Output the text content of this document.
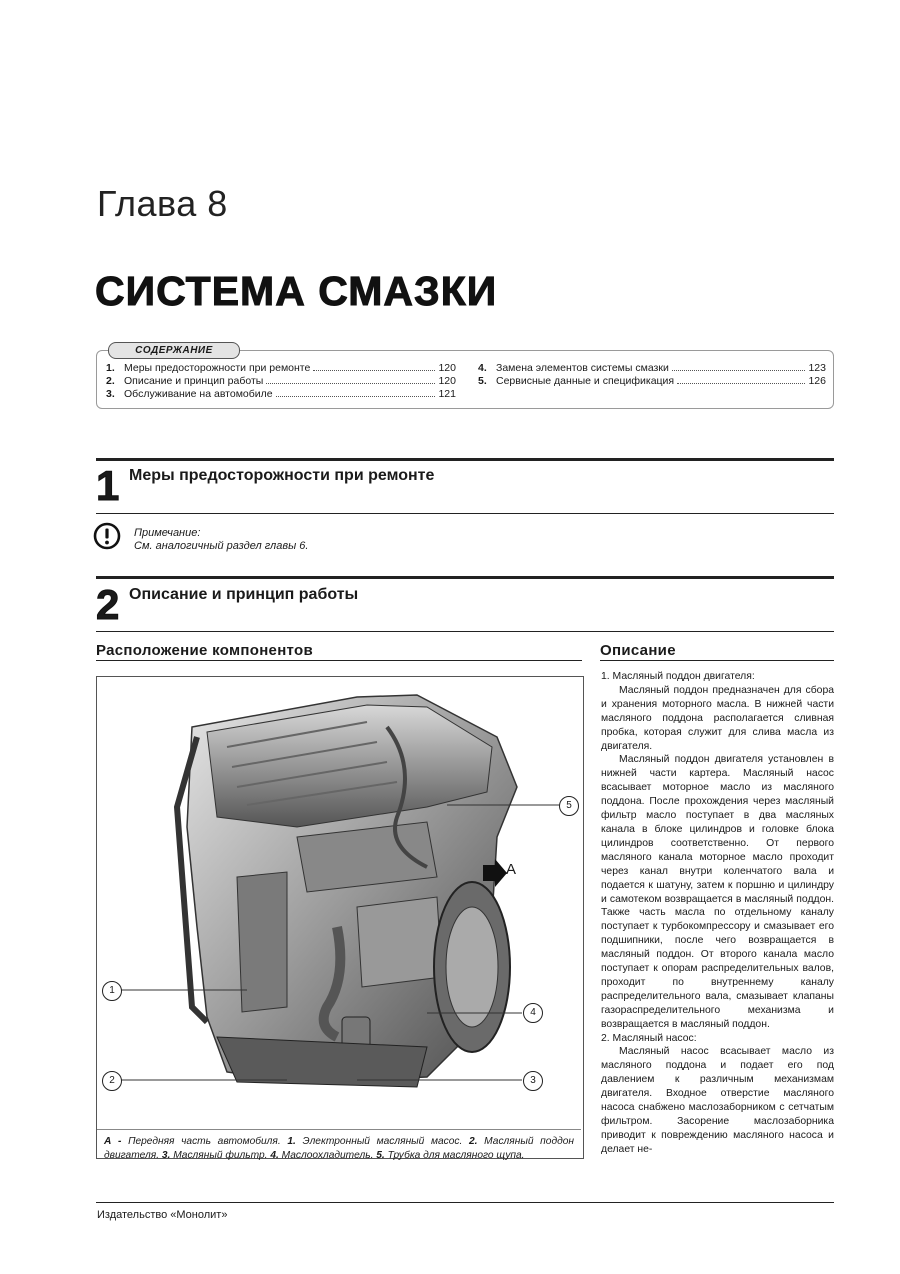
Глава 8
СИСТЕМА СМАЗКИ
СОДЕРЖАНИЕ
1. Меры предосторожности при ремонте	120
2. Описание и принцип работы	120
3. Обслуживание на автомобиле	121
4. Замена элементов системы смазки	123
5. Сервисные данные и спецификация	126
1 Меры предосторожности при ремонте
Примечание:
См. аналогичный раздел главы 6.
2 Описание и принцип работы
Расположение компонентов	Описание
1
2	3
4
5
A
А - Передняя часть автомобиля. 1. Электронный масляный масос. 2. Масляный поддон двигателя. 3. Масляный фильтр. 4. Маслоохладитель. 5. Трубка для масляного щупа.

1. Масляный поддон двигателя:

Масляный поддон предназначен для сбора и хранения моторного масла. В нижней части масляного поддона располагается сливная пробка, которая служит для слива масла из двигателя.

Масляный поддон двигателя установлен в нижней части картера. Масляный насос всасывает моторное масло из масляного поддона. После прохождения через масляный фильтр масло поступает в два масляных канала в блоке цилиндров и головке блока цилиндров соответственно. От первого масляного канала моторное масло проходит через канал внутри коленчатого вала и подается к шатуну, затем к поршню и цилиндру и самотеком возвращается в масляный поддон. Также часть масла по отдельному каналу поступает к турбокомпрессору и смазывает его подшипники, после чего возвращается в масляный поддон. От второго канала масло поступает к опорам распределительных валов, проходит по внутреннему каналу распределительного вала, смазывает клапаны газораспределительного механизма и возвращается в масляный поддон.

2. Масляный насос:

Масляный насос всасывает масло из масляного поддона и подает его под давлением к различным механизмам двигателя. Входное отверстие масляного насоса снабжено маслозаборником с сетчатым фильтром. Засорение маслозаборника приводит к повреждению масляного насоса и делает не-

Издательство «Монолит»
